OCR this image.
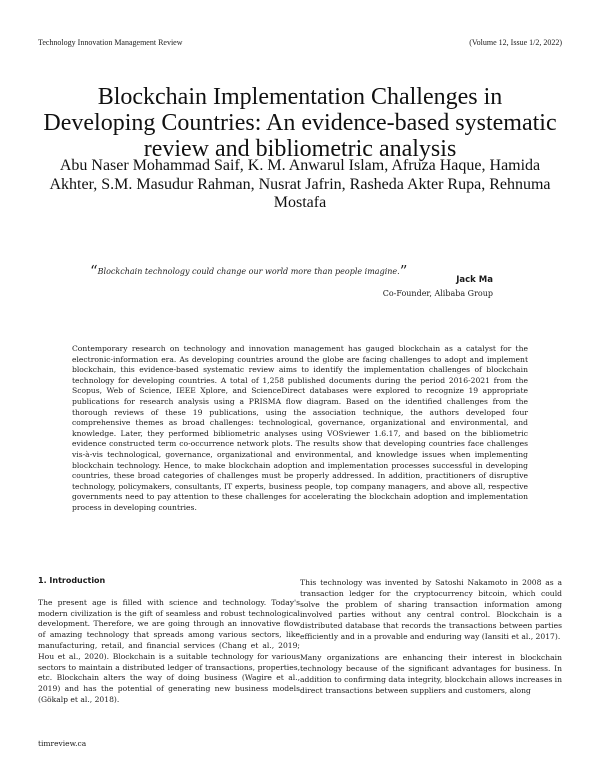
Technology Innovation Management Review	(Volume 12, Issue 1/2, 2022)
Blockchain Implementation Challenges in Developing Countries: An evidence-based systematic review and bibliometric analysis
Abu Naser Mohammad Saif, K. M. Anwarul Islam, Afruza Haque, Hamida Akhter, S.M. Masudur Rahman, Nusrat Jafrin, Rasheda Akter Rupa, Rehnuma Mostafa
“Blockchain technology could change our world more than people imagine.”	Jack Ma
Co-Founder, Alibaba Group

Contemporary research on technology and innovation management has gauged blockchain as a catalyst for the electronic-information era. As developing countries around the globe are facing challenges to adopt and implement blockchain, this evidence-based systematic review aims to identify the implementation challenges of blockchain technology for developing countries. A total of 1,258 published documents during the period 2016-2021 from the Scopus, Web of Science, IEEE Xplore, and ScienceDirect databases were explored to recognize 19 appropriate publications for research analysis using a PRISMA flow diagram. Based on the identified challenges from the thorough reviews of these 19 publications, using the association technique, the authors developed four comprehensive themes as broad challenges: technological, governance, organizational and environmental, and knowledge. Later, they performed bibliometric analyses using VOSviewer 1.6.17, and based on the bibliometric evidence constructed term co-occurrence network plots. The results show that developing countries face challenges vis-à-vis technological, governance, organizational and environmental, and knowledge issues when implementing blockchain technology. Hence, to make blockchain adoption and implementation processes successful in developing countries, these broad categories of challenges must be properly addressed. In addition, practitioners of disruptive technology, policymakers, consultants, IT experts, business people, top company managers, and above all, respective governments need to pay attention to these challenges for accelerating the blockchain adoption and implementation process in developing countries.

1. Introduction

The present age is filled with science and technology. Today's modern civilization is the gift of seamless and robust technological development. Therefore, we are going through an innovative flow of amazing technology that spreads among various sectors, like manufacturing, retail, and financial services (Chang et al., 2019; Hou et al., 2020). Blockchain is a suitable technology for various sectors to maintain a distributed ledger of transactions, properties, etc. Blockchain alters the way of doing business (Wagire et al., 2019) and has the potential of generating new business models (Gökalp et al., 2018).

This technology was invented by Satoshi Nakamoto in 2008 as a transaction ledger for the cryptocurrency bitcoin, which could solve the problem of sharing transaction information among involved parties without any central control. Blockchain is a distributed database that records the transactions between parties efficiently and in a provable and enduring way (Iansiti et al., 2017).

Many organizations are enhancing their interest in blockchain technology because of the significant advantages for business. In addition to confirming data integrity, blockchain allows increases in direct transactions between suppliers and customers, along

timreview.ca
